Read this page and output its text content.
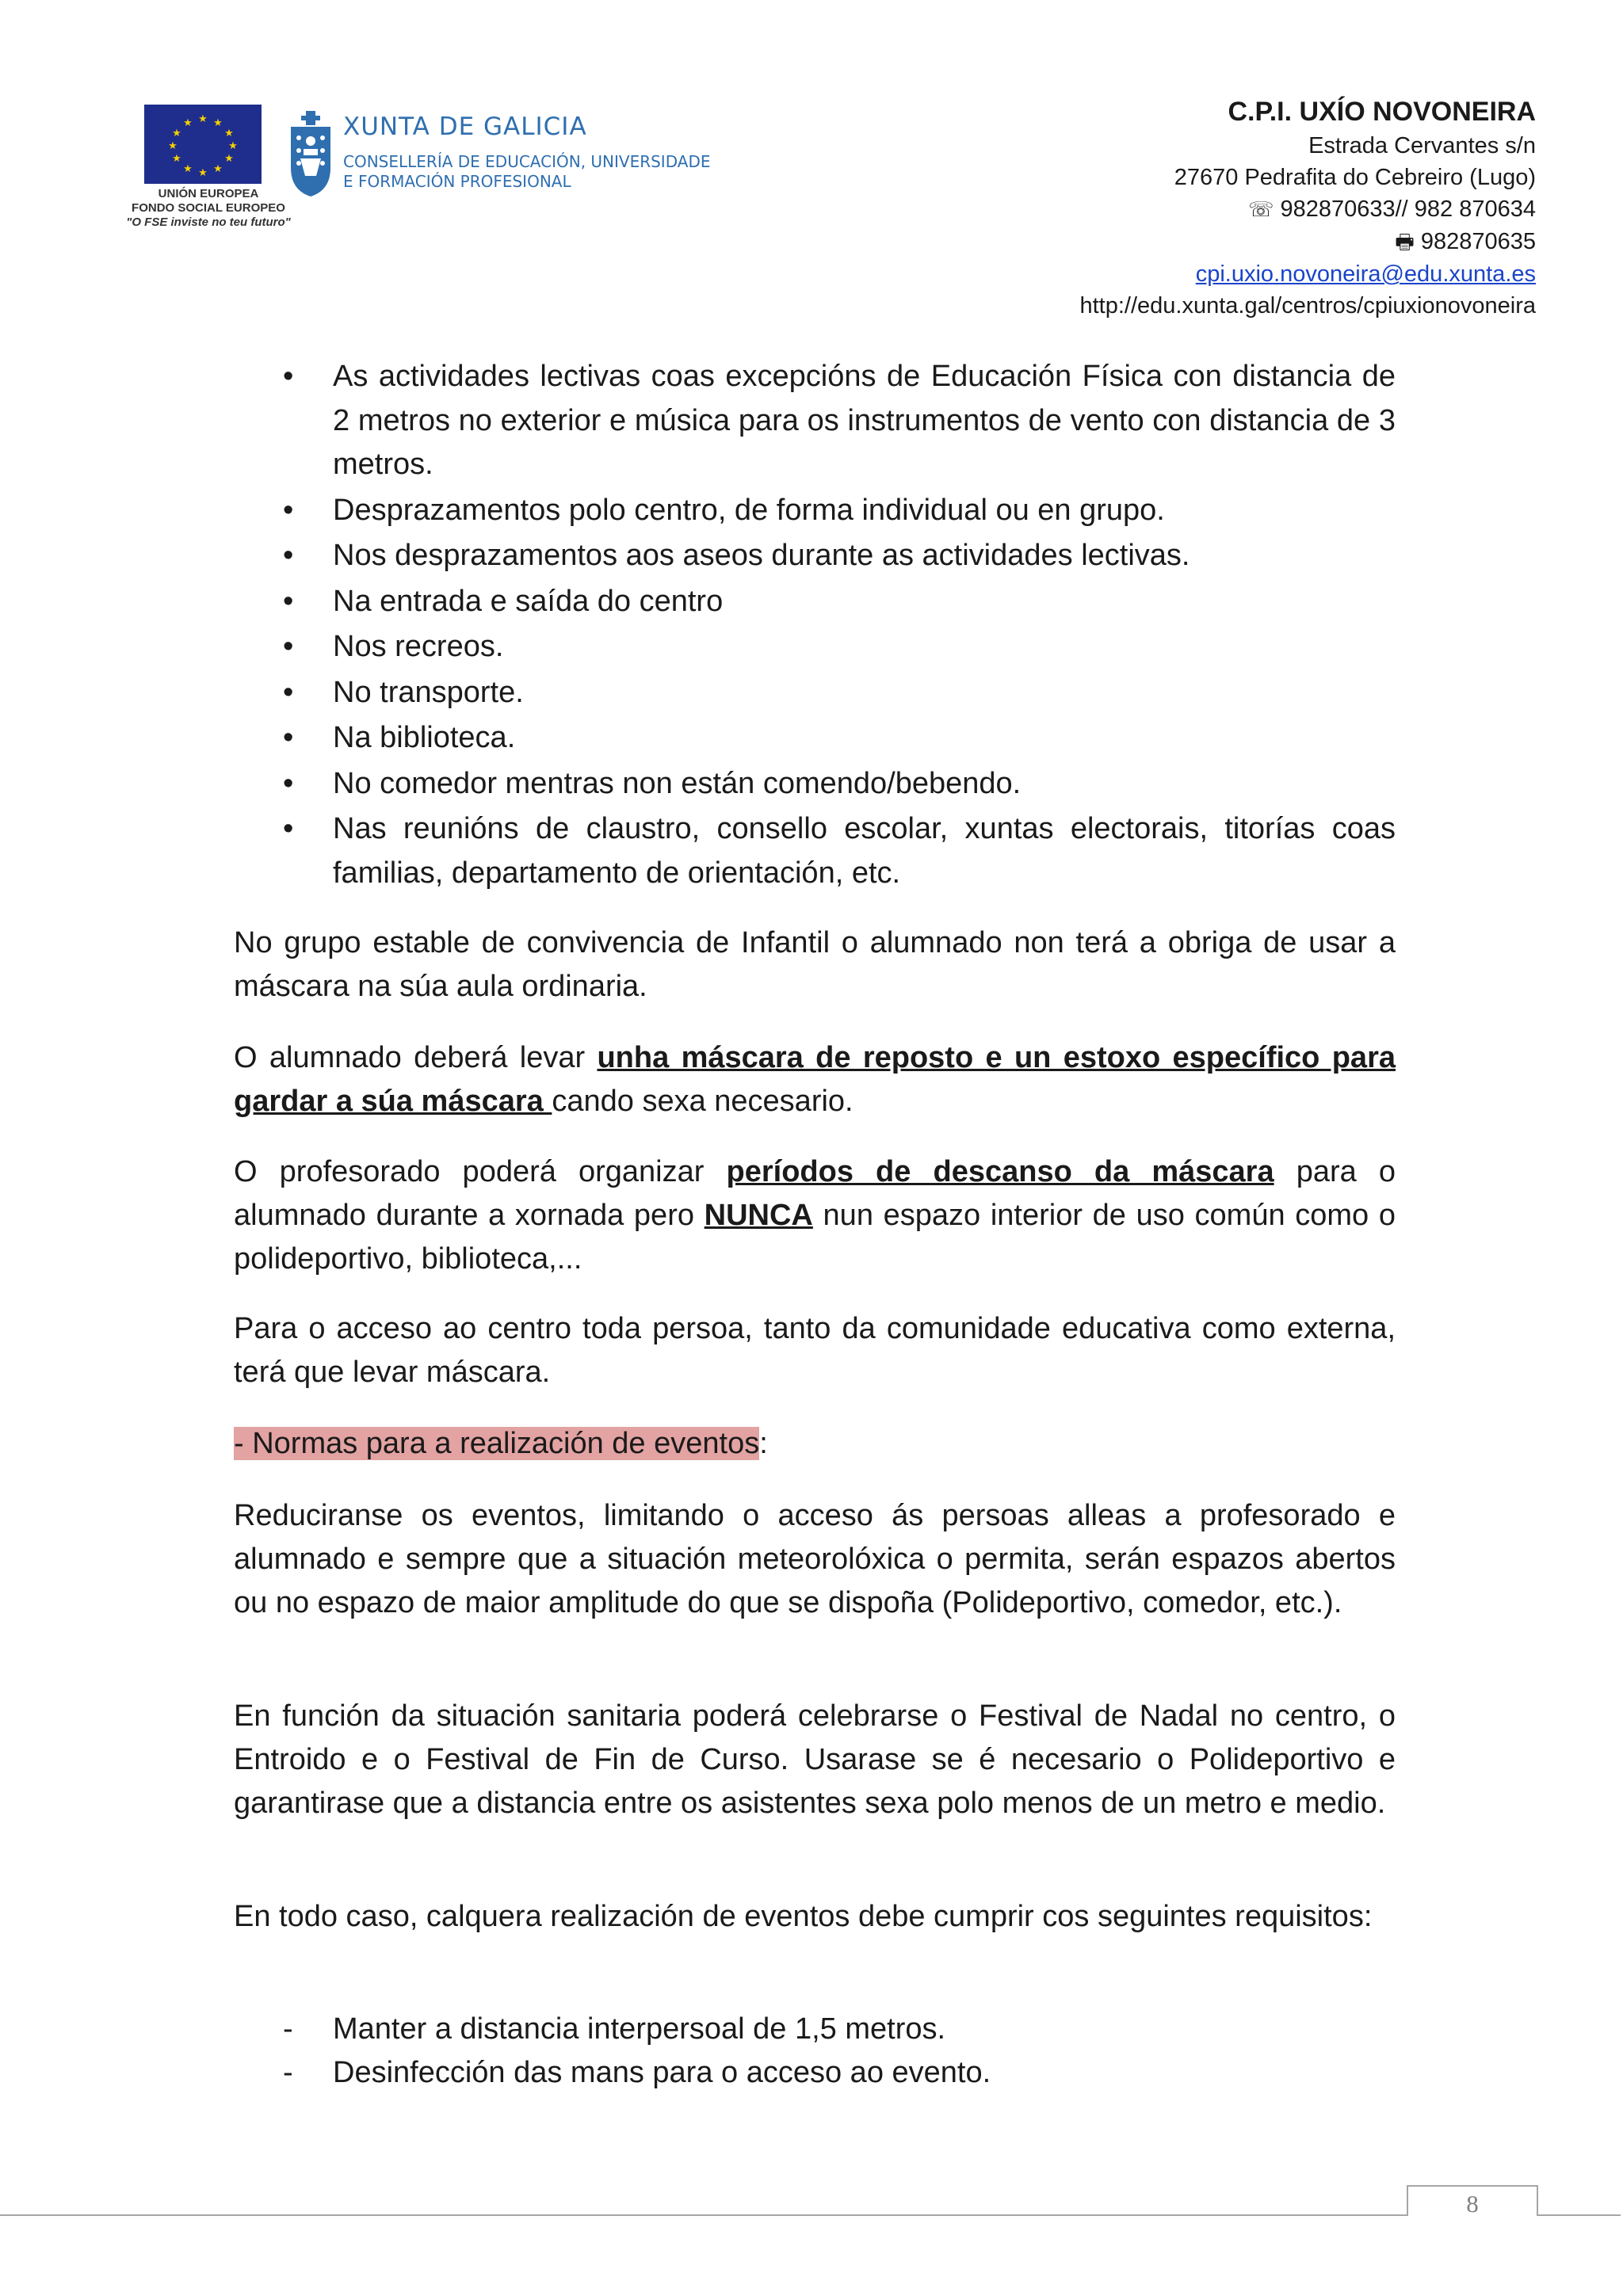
★ ★
★
★
★
★
★
★
★
★
★
★
UNIÓN EUROPEA
FONDO SOCIAL EUROPEO
"O FSE inviste no teu futuro"
XUNTA DE GALICIA
CONSELLERÍA DE EDUCACIÓN, UNIVERSIDADE
E FORMACIÓN PROFESIONAL
C.P.I. UXÍO NOVONEIRA
Estrada Cervantes s/n
27670 Pedrafita do Cebreiro (Lugo)
☏ 982870633// 982 870634
🖶 982870635
cpi.uxio.novoneira@edu.xunta.es
http://edu.xunta.gal/centros/cpiuxionovoneira
• As actividades lectivas coas excepcións de Educación Física con distancia de 2 metros no exterior e música para os instrumentos de vento con distancia de 3 metros.
• Desprazamentos polo centro, de forma individual ou en grupo.
• Nos desprazamentos aos aseos durante as actividades lectivas.
• Na entrada e saída do centro
• Nos recreos.
• No transporte.
• Na biblioteca.
• No comedor mentras non están comendo/bebendo.
• Nas reunións de claustro, consello escolar, xuntas electorais, titorías coas familias, departamento de orientación, etc.

No grupo estable de convivencia de Infantil o alumnado non terá a obriga de usar a máscara na súa aula ordinaria.

O alumnado deberá levar unha máscara de reposto e un estoxo específico para gardar a súa máscara cando sexa necesario.

O profesorado poderá organizar períodos de descanso da máscara para o alumnado durante a xornada pero NUNCA nun espazo interior de uso común como o polideportivo, biblioteca,...

Para o acceso ao centro toda persoa, tanto da comunidade educativa como externa, terá que levar máscara.

- Normas para a realización de eventos:

Reduciranse os eventos, limitando o acceso ás persoas alleas a profesorado e alumnado e sempre que a situación meteorolóxica o permita, serán espazos abertos ou no espazo de maior amplitude do que se dispoña (Polideportivo, comedor, etc.).

En función da situación sanitaria poderá celebrarse o Festival de Nadal no centro, o Entroido e o Festival de Fin de Curso. Usarase se é necesario o Polideportivo e garantirase que a distancia entre os asistentes sexa polo menos de un metro e medio.

En todo caso, calquera realización de eventos debe cumprir cos seguintes requisitos:

- Manter a distancia interpersoal de 1,5 metros.
- Desinfección das mans para o acceso ao evento.
8
